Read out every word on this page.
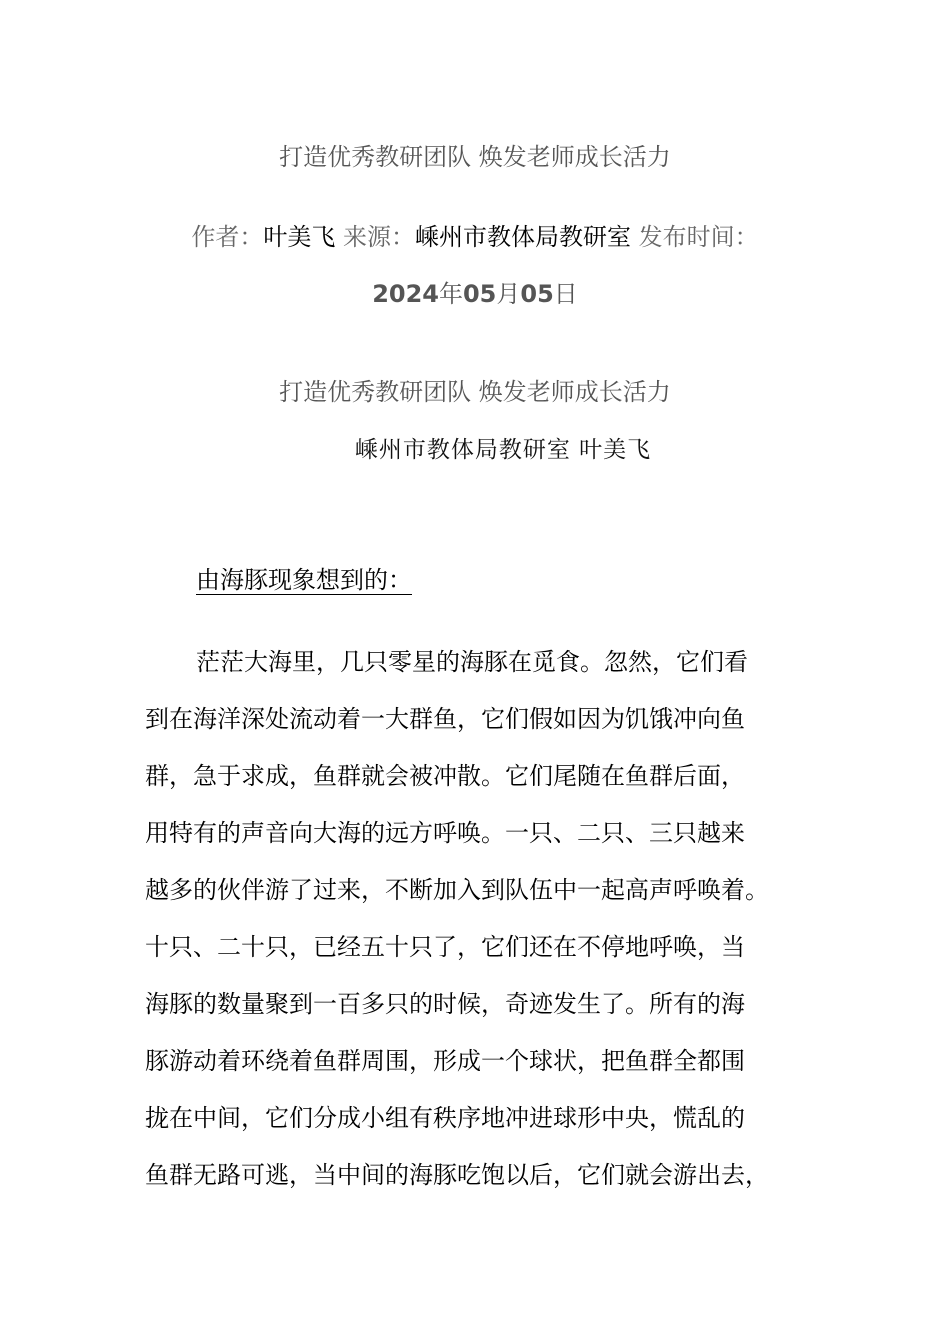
打造优秀教研团队 焕发老师成长活力
作者：叶美飞 来源：嵊州市教体局教研室 发布时间：
2024年05月05日
打造优秀教研团队 焕发老师成长活力
嵊州市教体局教研室 叶美飞
由海豚现象想到的：
茫茫大海里，几只零星的海豚在觅食。忽然，它们看
到在海洋深处流动着一大群鱼，它们假如因为饥饿冲向鱼
群，急于求成，鱼群就会被冲散。它们尾随在鱼群后面，
用特有的声音向大海的远方呼唤。一只、二只、三只越来
越多的伙伴游了过来，不断加入到队伍中一起高声呼唤着。
十只、二十只，已经五十只了，它们还在不停地呼唤，当
海豚的数量聚到一百多只的时候，奇迹发生了。所有的海
豚游动着环绕着鱼群周围，形成一个球状，把鱼群全都围
拢在中间，它们分成小组有秩序地冲进球形中央，慌乱的
鱼群无路可逃，当中间的海豚吃饱以后，它们就会游出去，
